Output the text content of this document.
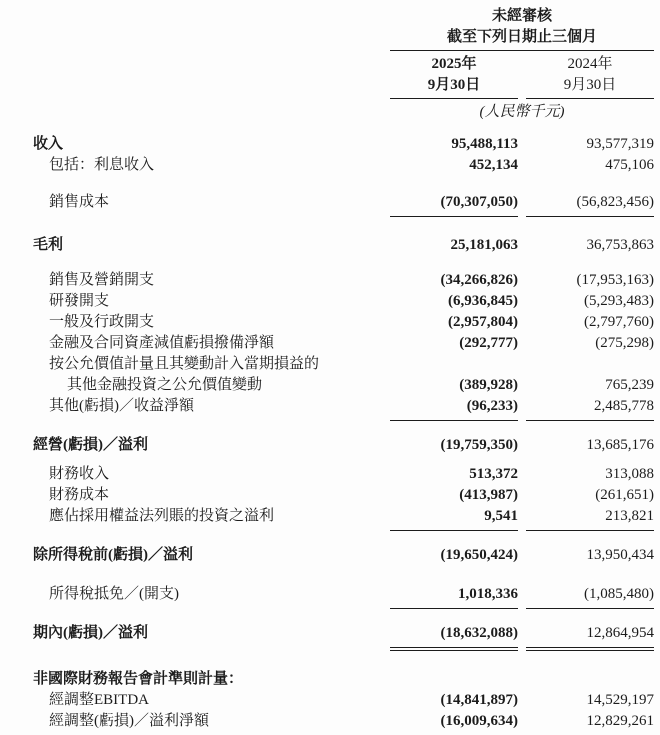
未經審核
截至下列日期止三個月
2025年
9月30日
2024年
9月30日
(人民幣千元)
收入	95,488,113	93,577,319
包括：利息收入	452,134	475,106
銷售成本	(70,307,050)	(56,823,456)
毛利	25,181,063	36,753,863
銷售及營銷開支	(34,266,826)	(17,953,163)
研發開支	(6,936,845)	(5,293,483)
一般及行政開支	(2,957,804)	(2,797,760)
金融及合同資產減值虧損撥備淨額	(292,777)	(275,298)
按公允價值計量且其變動計入當期損益的
其他金融投資之公允價值變動	(389,928)	765,239
其他(虧損)／收益淨額	(96,233)	2,485,778
經營(虧損)／溢利	(19,759,350)	13,685,176
財務收入	513,372	313,088
財務成本	(413,987)	(261,651)
應佔採用權益法列賬的投資之溢利	9,541	213,821
除所得稅前(虧損)／溢利	(19,650,424)	13,950,434
所得稅抵免／(開支)	1,018,336	(1,085,480)
期內(虧損)／溢利	(18,632,088)	12,864,954
非國際財務報告會計準則計量：
經調整EBITDA	(14,841,897)	14,529,197
經調整(虧損)／溢利淨額	(16,009,634)	12,829,261
